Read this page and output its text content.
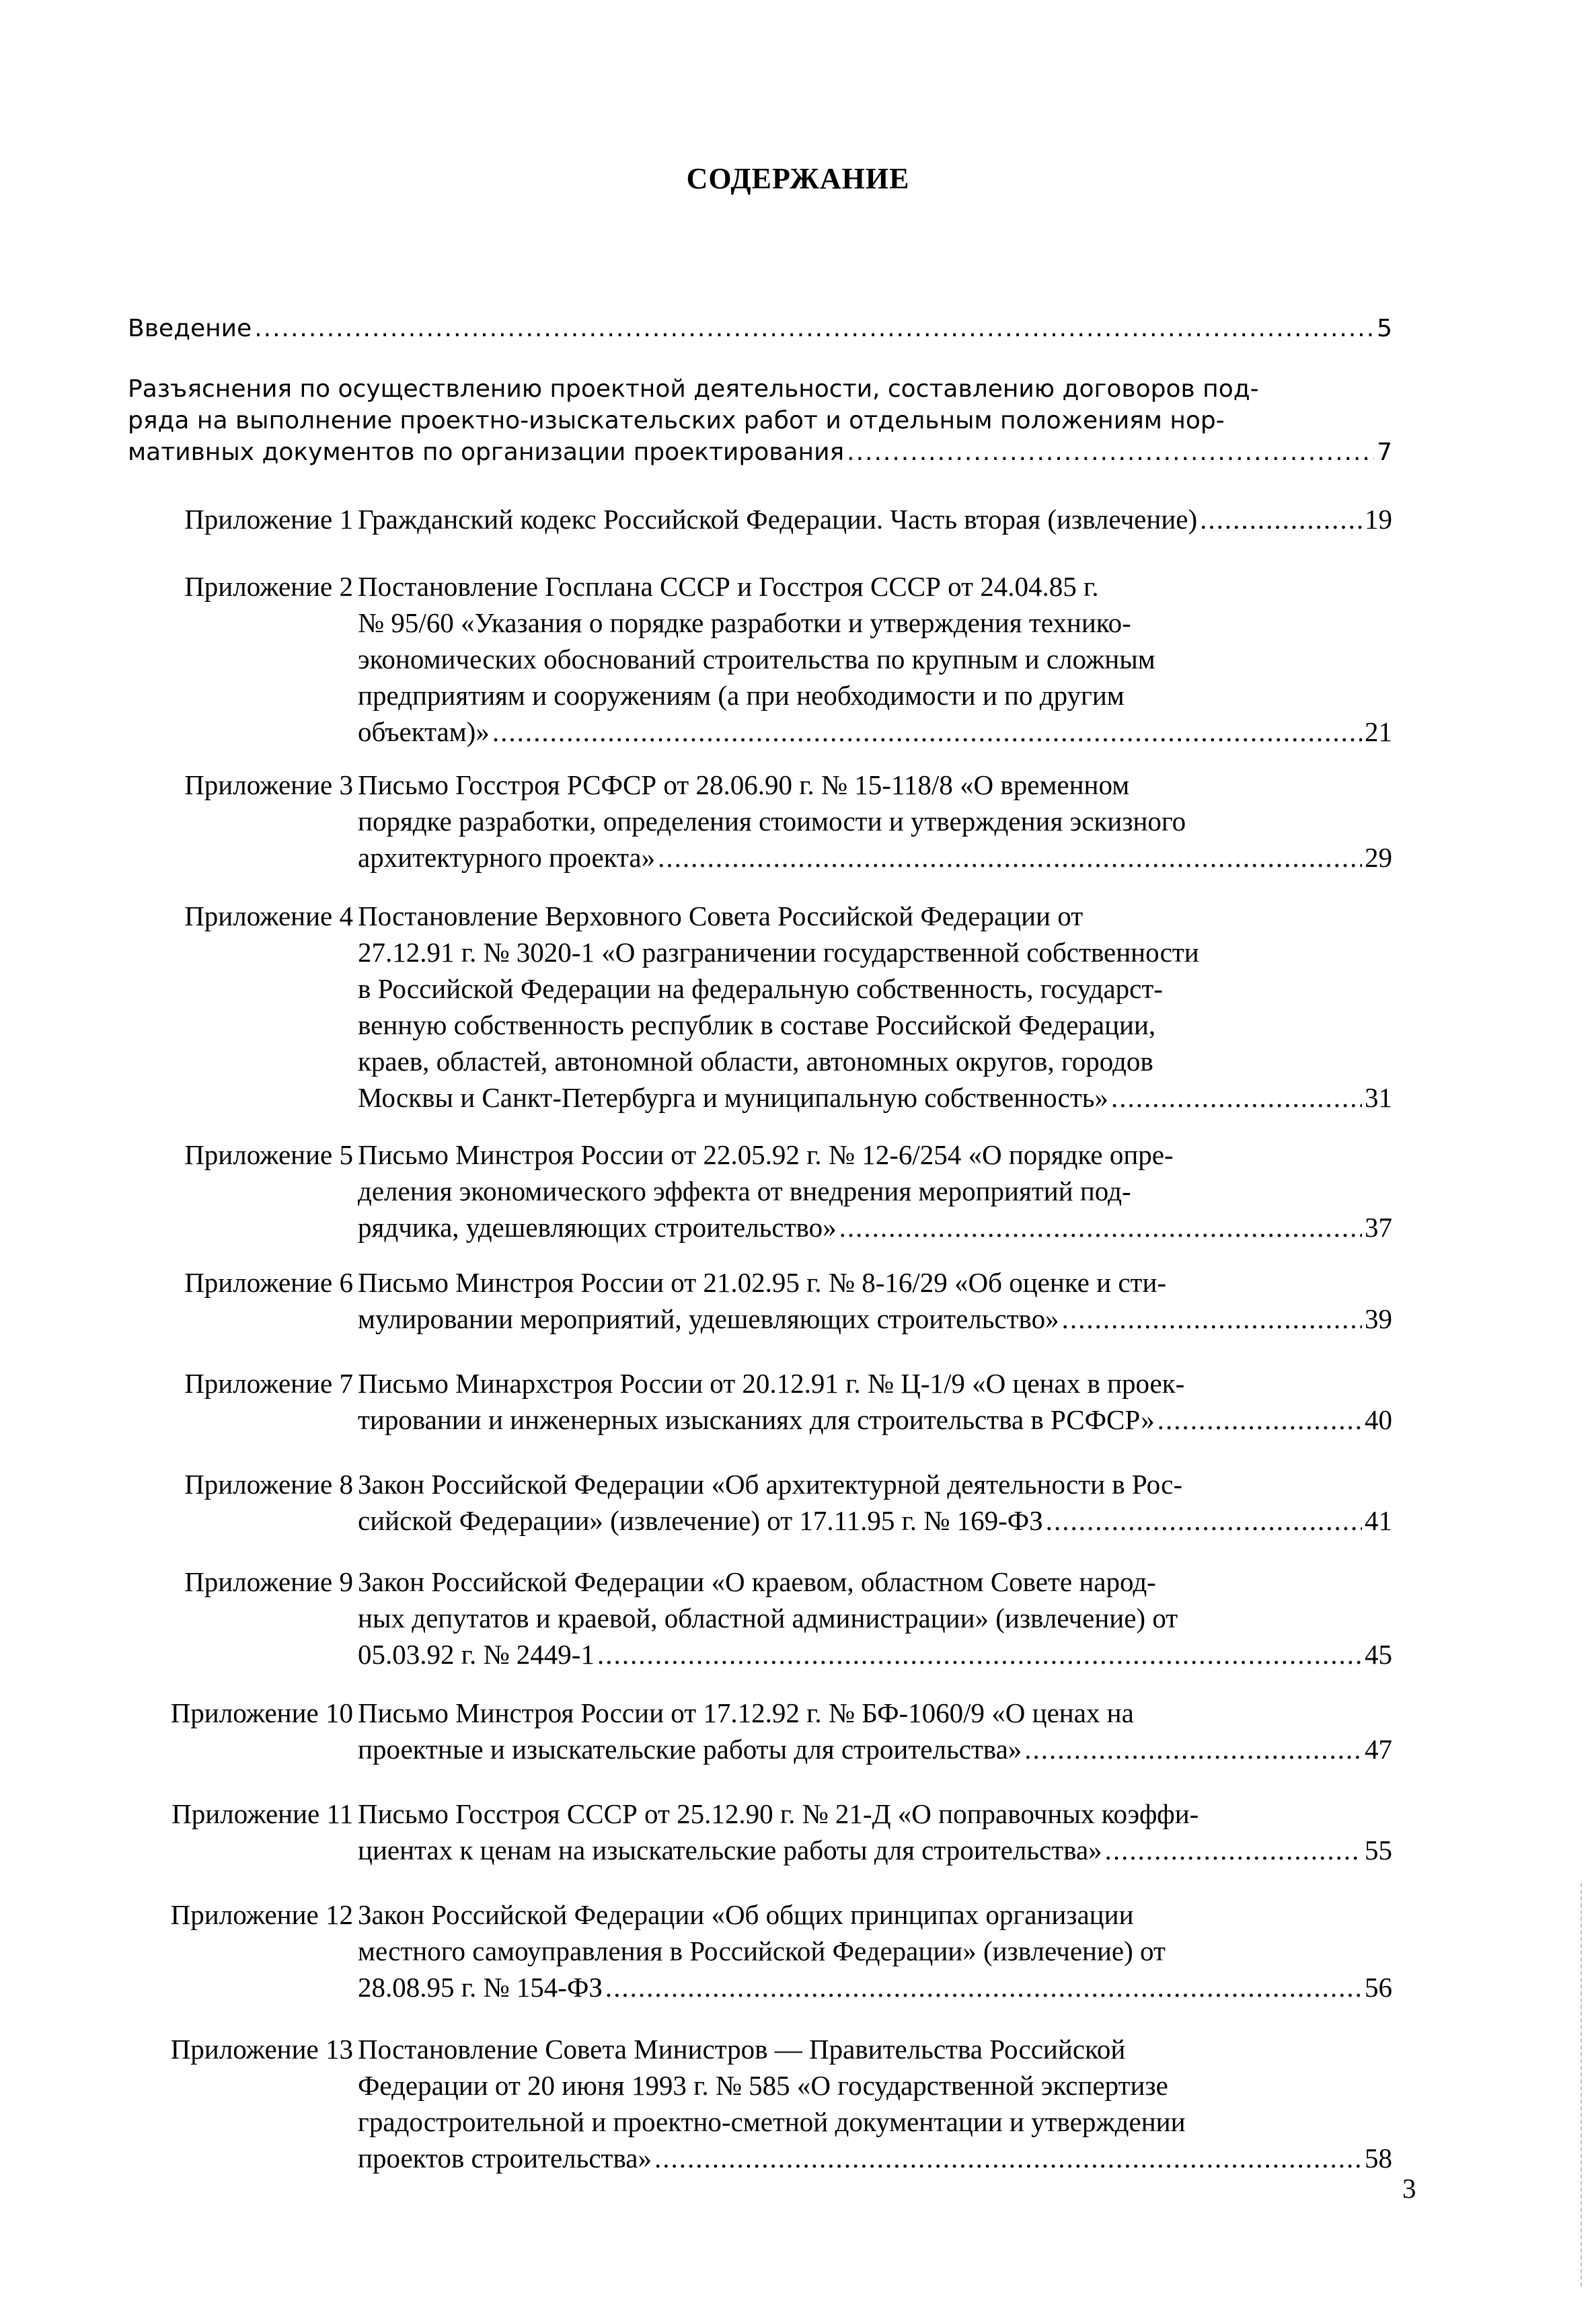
СОДЕРЖАНИЕ
Введение .....	5
Разъяснения по осуществлению проектной деятельности, составлению договоров под-
ряда на выполнение проектно-изыскательских работ и отдельным положениям нор-
мативных документов по организации проектирования .....	7
Приложение 1 Гражданский кодекс Российской Федерации. Часть вторая (извлечение) .....	19
Приложение 2 Постановление Госплана СССР и Госстроя СССР от 24.04.85 г.
№ 95/60 «Указания о порядке разработки и утверждения технико-
экономических обоснований строительства по крупным и сложным
предприятиям и сооружениям (а при необходимости и по другим
объектам)» .....	21
Приложение 3 Письмо Госстроя РСФСР от 28.06.90 г. № 15-118/8 «О временном
порядке разработки, определения стоимости и утверждения эскизного
архитектурного проекта» .....	29
Приложение 4 Постановление Верховного Совета Российской Федерации от
27.12.91 г. № 3020-1 «О разграничении государственной собственности
в Российской Федерации на федеральную собственность, государст-
венную собственность республик в составе Российской Федерации,
краев, областей, автономной области, автономных округов, городов
Москвы и Санкт-Петербурга и муниципальную собственность» .....	31
Приложение 5 Письмо Минстроя России от 22.05.92 г. № 12-6/254 «О порядке опре-
деления экономического эффекта от внедрения мероприятий под-
рядчика, удешевляющих строительство» .....	37
Приложение 6 Письмо Минстроя России от 21.02.95 г. № 8-16/29 «Об оценке и сти-
мулировании мероприятий, удешевляющих строительство» .....	39
Приложение 7 Письмо Минархстроя России от 20.12.91 г. № Ц-1/9 «О ценах в проек-
тировании и инженерных изысканиях для строительства в РСФСР» .....	40
Приложение 8 Закон Российской Федерации «Об архитектурной деятельности в Рос-
сийской Федерации» (извлечение) от 17.11.95 г. № 169-ФЗ .....	41
Приложение 9 Закон Российской Федерации «О краевом, областном Совете народ-
ных депутатов и краевой, областной администрации» (извлечение) от
05.03.92 г. № 2449-1 .....	45
Приложение 10 Письмо Минстроя России от 17.12.92 г. № БФ-1060/9 «О ценах на
проектные и изыскательские работы для строительства» .....	47
Приложение 11 Письмо Госстроя СССР от 25.12.90 г. № 21-Д «О поправочных коэффи-
циентах к ценам на изыскательские работы для строительства» .....	55
Приложение 12 Закон Российской Федерации «Об общих принципах организации
местного самоуправления в Российской Федерации» (извлечение) от
28.08.95 г. № 154-ФЗ .....	56
Приложение 13 Постановление Совета Министров — Правительства Российской
Федерации от 20 июня 1993 г. № 585 «О государственной экспертизе
градостроительной и проектно-сметной документации и утверждении
проектов строительства» .....	58
3
